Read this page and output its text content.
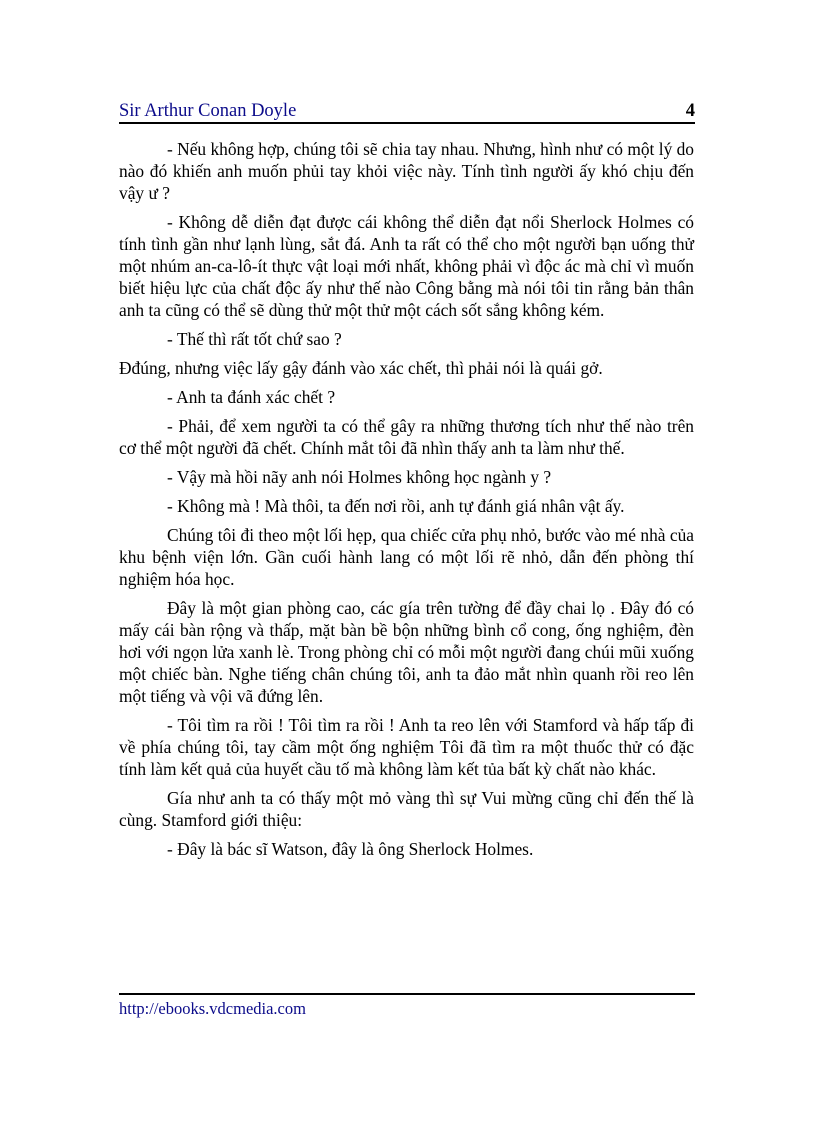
Sir Arthur Conan Doyle	4

- Nếu không hợp, chúng tôi sẽ chia tay nhau. Nhưng, hình như có một lý do nào đó khiến anh muốn phủi tay khỏi việc này. Tính tình người ấy khó chịu đến vậy ư ?

- Không dễ diễn đạt được cái không thể diễn đạt nổi Sherlock Holmes có tính tình gần như lạnh lùng, sắt đá. Anh ta rất có thể cho một người bạn uống thử một nhúm an-ca-lô-ít thực vật loại mới nhất, không phải vì độc ác mà chỉ vì muốn biết hiệu lực của chất độc ấy như thế nào Công bằng mà nói tôi tin rằng bản thân anh ta cũng có thể sẽ dùng thử một thử một cách sốt sắng không kém.

- Thế thì rất tốt chứ sao ?

Đđúng, nhưng việc lấy gậy đánh vào xác chết, thì phải nói là quái gở.

- Anh ta đánh xác chết ?

- Phải, để xem người ta có thể gây ra những thương tích như thế nào trên cơ thể một người đã chết. Chính mắt tôi đã nhìn thấy anh ta làm như thế.

- Vậy mà hồi nãy anh nói Holmes không học ngành y ?

- Không mà ! Mà thôi, ta đến nơi rồi, anh tự đánh giá nhân vật ấy.

Chúng tôi đi theo một lối hẹp, qua chiếc cửa phụ nhỏ, bước vào mé nhà của khu bệnh viện lớn. Gần cuối hành lang có một lối rẽ nhỏ, dẫn đến phòng thí nghiệm hóa học.

Đây là một gian phòng cao, các gía trên tường để đầy chai lọ . Đây đó có mấy cái bàn rộng và thấp, mặt bàn bề bộn những bình cổ cong, ống nghiệm, đèn hơi với ngọn lửa xanh lè. Trong phòng chỉ có mỗi một người đang chúi mũi xuống một chiếc bàn. Nghe tiếng chân chúng tôi, anh ta đảo mắt nhìn quanh rồi reo lên một tiếng và vội vã đứng lên.

- Tôi tìm ra rồi ! Tôi tìm ra rồi ! Anh ta reo lên với Stamford và hấp tấp đi về phía chúng tôi, tay cầm một ống nghiệm Tôi đã tìm ra một thuốc thử có đặc tính làm kết quả của huyết cầu tố mà không làm kết tủa bất kỳ chất nào khác.

Gía như anh ta có thấy một mỏ vàng thì sự Vui mừng cũng chỉ đến thế là cùng. Stamford giới thiệu:

- Đây là bác sĩ Watson, đây là ông Sherlock Holmes.

http://ebooks.vdcmedia.com
